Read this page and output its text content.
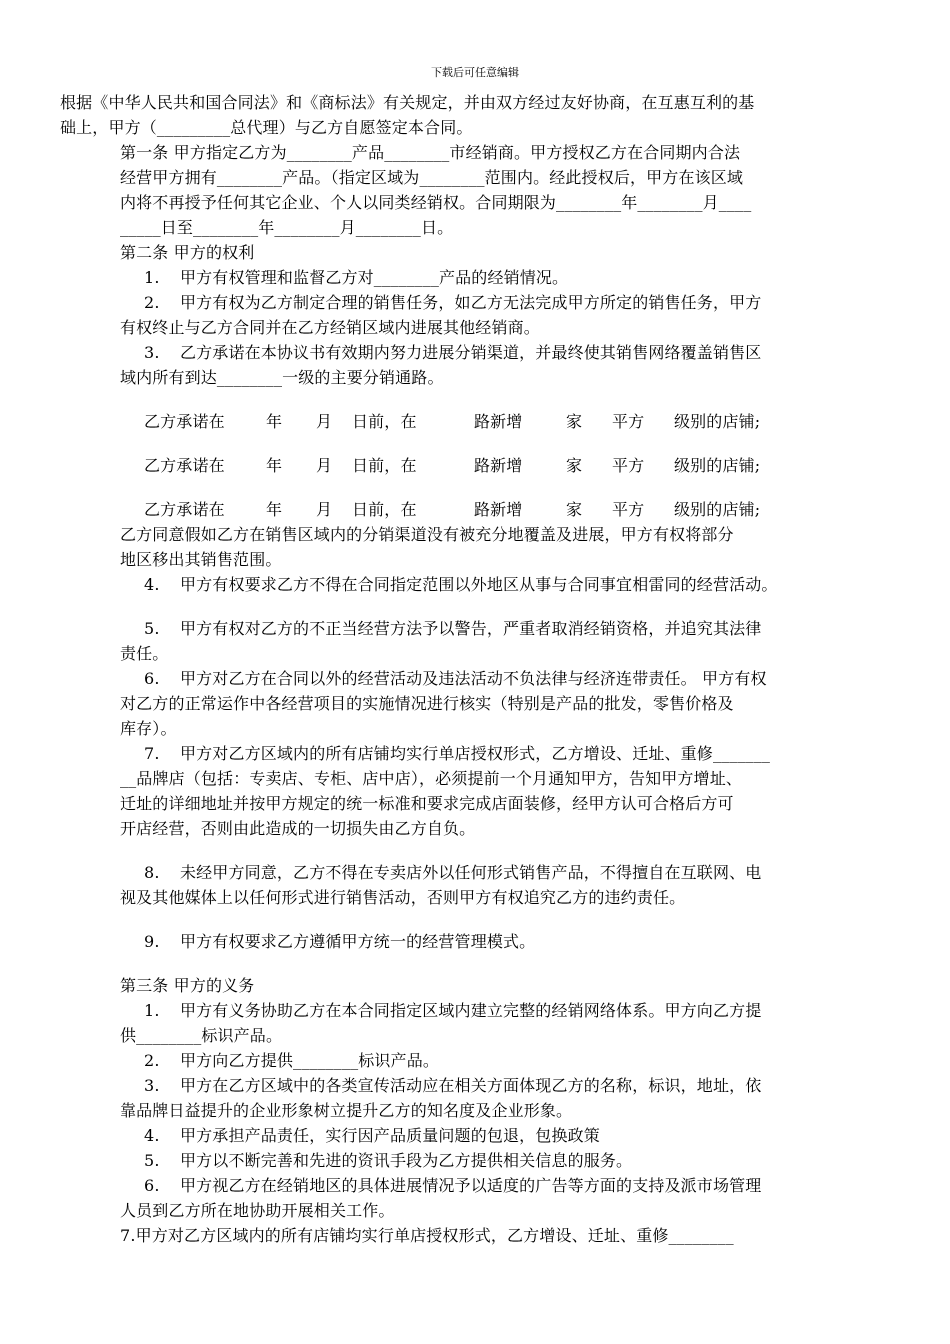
下载后可任意编辑

根据《中华人民共和国合同法》和《商标法》有关规定，并由双方经过友好协商，在互惠互利的基

础上，甲方（_________总代理）与乙方自愿签定本合同。

第一条 甲方指定乙方为________产品________市经销商。甲方授权乙方在合同期内合法

经营甲方拥有________产品。（指定区域为________范围内。经此授权后，甲方在该区域

内将不再授予任何其它企业、个人以同类经销权。合同期限为________年________月____

_____日至________年________月________日。

第二条 甲方的权利

1. 甲方有权管理和监督乙方对________产品的经销情况。

2. 甲方有权为乙方制定合理的销售任务，如乙方无法完成甲方所定的销售任务，甲方

有权终止与乙方合同并在乙方经销区域内进展其他经销商。

3. 乙方承诺在本协议书有效期内努力进展分销渠道，并最终使其销售网络覆盖销售区

域内所有到达________一级的主要分销通路。

乙方承诺在	年 月 日前，在	路新增	家 平方 级别的店铺;

乙方承诺在	年 月 日前，在	路新增	家 平方 级别的店铺;

乙方承诺在	年 月 日前，在	路新增	家 平方 级别的店铺;

乙方同意假如乙方在销售区域内的分销渠道没有被充分地覆盖及进展，甲方有权将部分

地区移出其销售范围。

4. 甲方有权要求乙方不得在合同指定范围以外地区从事与合同事宜相雷同的经营活动。

5. 甲方有权对乙方的不正当经营方法予以警告，严重者取消经销资格，并追究其法律

责任。

6. 甲方对乙方在合同以外的经营活动及违法活动不负法律与经济连带责任。 甲方有权

对乙方的正常运作中各经营项目的实施情况进行核实（特别是产品的批发，零售价格及

库存）。

7. 甲方对乙方区域内的所有店铺均实行单店授权形式，乙方增设、迁址、重修_______

__品牌店（包括：专卖店、专柜、店中店），必须提前一个月通知甲方，告知甲方增址、

迁址的详细地址并按甲方规定的统一标准和要求完成店面装修，经甲方认可合格后方可

开店经营，否则由此造成的一切损失由乙方自负。

8. 未经甲方同意，乙方不得在专卖店外以任何形式销售产品，不得擅自在互联网、电

视及其他媒体上以任何形式进行销售活动，否则甲方有权追究乙方的违约责任。

9. 甲方有权要求乙方遵循甲方统一的经营管理模式。

第三条 甲方的义务

1. 甲方有义务协助乙方在本合同指定区域内建立完整的经销网络体系。甲方向乙方提

供________标识产品。

2. 甲方向乙方提供________标识产品。

3. 甲方在乙方区域中的各类宣传活动应在相关方面体现乙方的名称，标识，地址，依

靠品牌日益提升的企业形象树立提升乙方的知名度及企业形象。

4. 甲方承担产品责任，实行因产品质量问题的包退，包换政策

5. 甲方以不断完善和先进的资讯手段为乙方提供相关信息的服务。

6. 甲方视乙方在经销地区的具体进展情况予以适度的广告等方面的支持及派市场管理

人员到乙方所在地协助开展相关工作。

7.甲方对乙方区域内的所有店铺均实行单店授权形式，乙方增设、迁址、重修________
